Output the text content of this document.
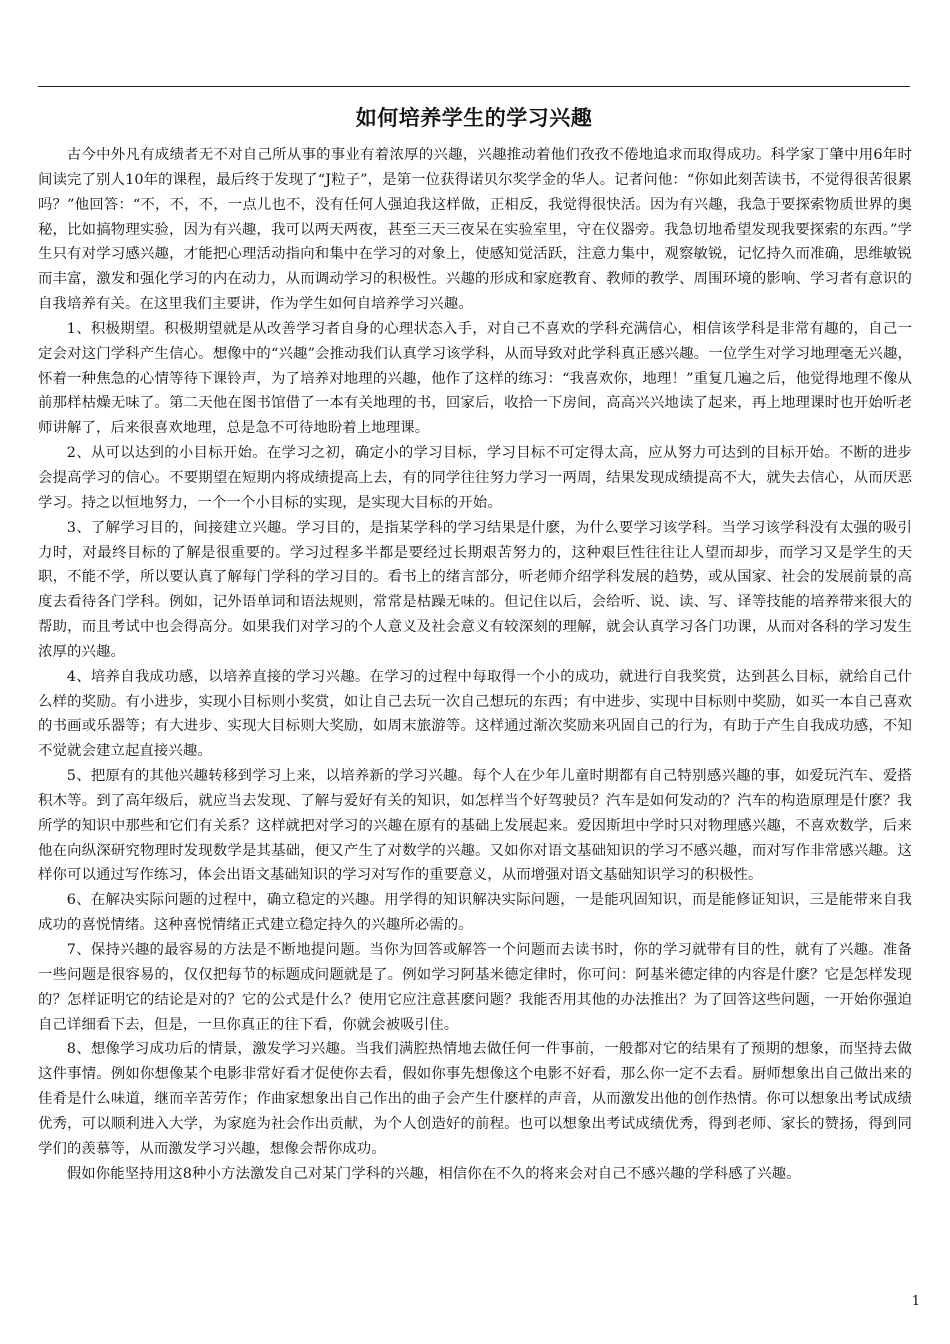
如何培养学生的学习兴趣

古今中外凡有成绩者无不对自己所从事的事业有着浓厚的兴趣，兴趣推动着他们孜孜不倦地追求而取得成功。科学家丁肇中用6年时间读完了别人10年的课程，最后终于发现了“J粒子”，是第一位获得诺贝尔奖学金的华人。记者问他：“你如此刻苦读书，不觉得很苦很累吗？”他回答：“不，不，不，一点儿也不，没有任何人强迫我这样做，正相反，我觉得很快活。因为有兴趣，我急于要探索物质世界的奥秘，比如搞物理实验，因为有兴趣，我可以两天两夜，甚至三天三夜呆在实验室里，守在仪器旁。我急切地希望发现我要探索的东西。”学生只有对学习感兴趣，才能把心理活动指向和集中在学习的对象上，使感知觉活跃，注意力集中，观察敏锐，记忆持久而准确，思维敏锐而丰富，激发和强化学习的内在动力，从而调动学习的积极性。兴趣的形成和家庭教育、教师的教学、周围环境的影响、学习者有意识的自我培养有关。在这里我们主要讲，作为学生如何自培养学习兴趣。

1、积极期望。积极期望就是从改善学习者自身的心理状态入手，对自己不喜欢的学科充满信心，相信该学科是非常有趣的，自己一定会对这门学科产生信心。想像中的“兴趣”会推动我们认真学习该学科，从而导致对此学科真正感兴趣。一位学生对学习地理毫无兴趣，怀着一种焦急的心情等待下课铃声，为了培养对地理的兴趣，他作了这样的练习：“我喜欢你，地理！”重复几遍之后，他觉得地理不像从前那样枯燥无味了。第二天他在图书馆借了一本有关地理的书，回家后，收拾一下房间，高高兴兴地读了起来，再上地理课时也开始听老师讲解了，后来很喜欢地理，总是急不可待地盼着上地理课。

2、从可以达到的小目标开始。在学习之初，确定小的学习目标，学习目标不可定得太高，应从努力可达到的目标开始。不断的进步会提高学习的信心。不要期望在短期内将成绩提高上去，有的同学往往努力学习一两周，结果发现成绩提高不大，就失去信心，从而厌恶学习。持之以恒地努力，一个一个小目标的实现，是实现大目标的开始。

3、了解学习目的，间接建立兴趣。学习目的，是指某学科的学习结果是什麽，为什么要学习该学科。当学习该学科没有太强的吸引力时，对最终目标的了解是很重要的。学习过程多半都是要经过长期艰苦努力的，这种艰巨性往往让人望而却步，而学习又是学生的天职，不能不学，所以要认真了解每门学科的学习目的。看书上的绪言部分，听老师介绍学科发展的趋势，或从国家、社会的发展前景的高度去看待各门学科。例如，记外语单词和语法规则，常常是枯躁无味的。但记住以后，会给听、说、读、写、译等技能的培养带来很大的帮助，而且考试中也会得高分。如果我们对学习的个人意义及社会意义有较深刻的理解，就会认真学习各门功课，从而对各科的学习发生浓厚的兴趣。

4、培养自我成功感，以培养直接的学习兴趣。在学习的过程中每取得一个小的成功，就进行自我奖赏，达到甚么目标，就给自己什么样的奖励。有小进步，实现小目标则小奖赏，如让自己去玩一次自己想玩的东西；有中进步、实现中目标则中奖励，如买一本自己喜欢的书画或乐器等；有大进步、实现大目标则大奖励，如周末旅游等。这样通过渐次奖励来巩固自己的行为，有助于产生自我成功感，不知不觉就会建立起直接兴趣。

5、把原有的其他兴趣转移到学习上来，以培养新的学习兴趣。每个人在少年儿童时期都有自己特别感兴趣的事，如爱玩汽车、爱搭积木等。到了高年级后，就应当去发现、了解与爱好有关的知识，如怎样当个好驾驶员？汽车是如何发动的？汽车的构造原理是什麽？我所学的知识中那些和它们有关系？这样就把对学习的兴趣在原有的基础上发展起来。爱因斯坦中学时只对物理感兴趣，不喜欢数学，后来他在向纵深研究物理时发现数学是其基础，便又产生了对数学的兴趣。又如你对语文基础知识的学习不感兴趣，而对写作非常感兴趣。这样你可以通过写作练习，体会出语文基础知识的学习对写作的重要意义，从而增强对语文基础知识学习的积极性。

6、在解决实际问题的过程中，确立稳定的兴趣。用学得的知识解决实际问题，一是能巩固知识，而是能修证知识，三是能带来自我成功的喜悦情绪。这种喜悦情绪正式建立稳定持久的兴趣所必需的。

7、保持兴趣的最容易的方法是不断地提问题。当你为回答或解答一个问题而去读书时，你的学习就带有目的性，就有了兴趣。准备一些问题是很容易的，仅仅把每节的标题成问题就是了。例如学习阿基米德定律时，你可问：阿基米德定律的内容是什麽？它是怎样发现的？怎样证明它的结论是对的？它的公式是什么？使用它应注意甚麽问题？我能否用其他的办法推出？为了回答这些问题，一开始你强迫自己详细看下去，但是，一旦你真正的往下看，你就会被吸引住。

8、想像学习成功后的情景，激发学习兴趣。当我们满腔热情地去做任何一件事前，一般都对它的结果有了预期的想象，而坚持去做这件事情。例如你想像某个电影非常好看才促使你去看，假如你事先想像这个电影不好看，那么你一定不去看。厨师想象出自己做出来的佳肴是什么味道，继而辛苦劳作；作曲家想象出自己作出的曲子会产生什麽样的声音，从而激发出他的创作热情。你可以想象出考试成绩优秀，可以顺利进入大学，为家庭为社会作出贡献，为个人创造好的前程。也可以想象出考试成绩优秀，得到老师、家长的赞扬，得到同学们的羡慕等，从而激发学习兴趣，想像会帮你成功。

假如你能坚持用这8种小方法激发自己对某门学科的兴趣，相信你在不久的将来会对自己不感兴趣的学科感了兴趣。

1
